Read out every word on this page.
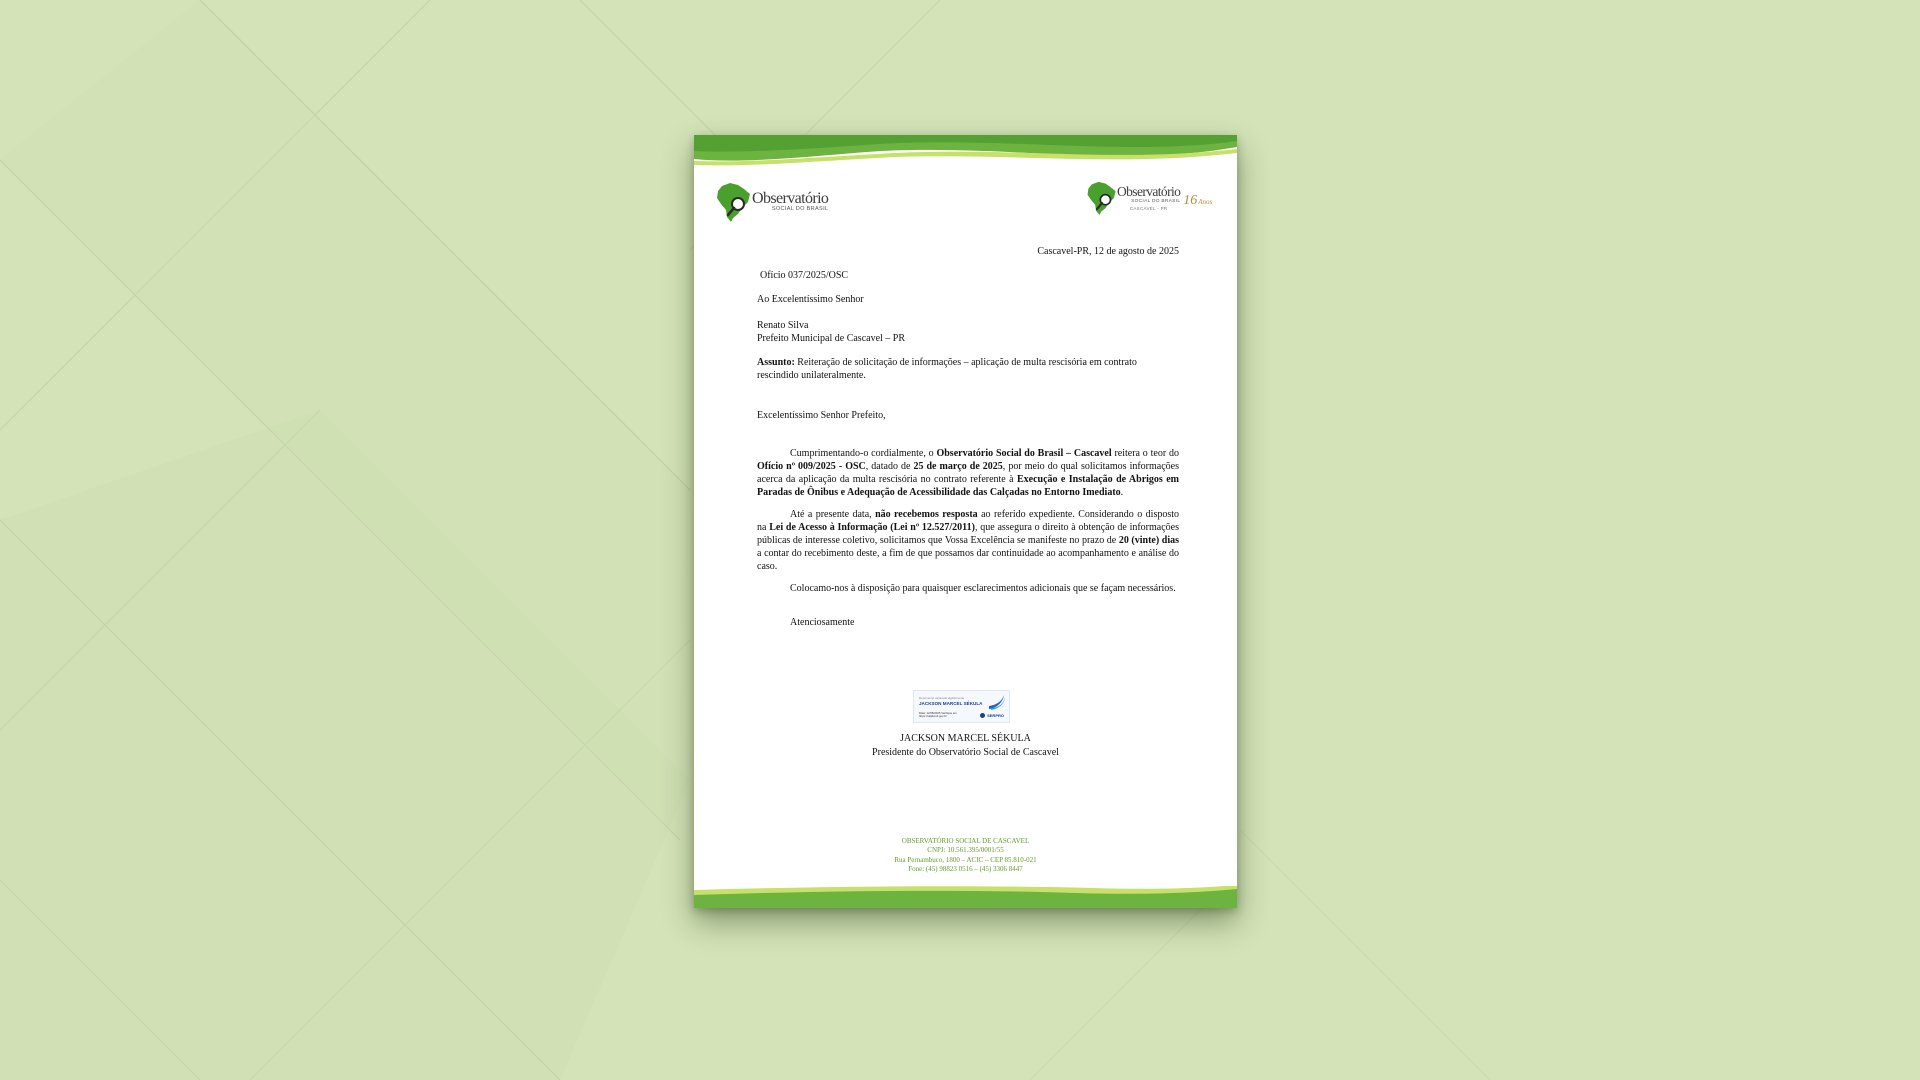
Observatório
SOCIAL DO BRASIL
Observatório
SOCIAL DO BRASIL
CASCAVEL - PR	16 Anos

Cascavel-PR, 12 de agosto de 2025

Ofício 037/2025/OSC

Ao Excelentíssimo Senhor

Renato Silva

Prefeito Municipal de Cascavel – PR

Assunto: Reiteração de solicitação de informações – aplicação de multa rescisória em contrato rescindido unilateralmente.

Excelentíssimo Senhor Prefeito,

Cumprimentando-o cordialmente, o Observatório Social do Brasil – Cascavel reitera o teor do Ofício nº 009/2025 - OSC, datado de 25 de março de 2025, por meio do qual solicitamos informações acerca da aplicação da multa rescisória no contrato referente à Execução e Instalação de Abrigos em Paradas de Ônibus e Adequação de Acessibilidade das Calçadas no Entorno Imediato.

Até a presente data, não recebemos resposta ao referido expediente. Considerando o disposto na Lei de Acesso à Informação (Lei nº 12.527/2011), que assegura o direito à obtenção de informações públicas de interesse coletivo, solicitamos que Vossa Excelência se manifeste no prazo de 20 (vinte) dias a contar do recebimento deste, a fim de que possamos dar continuidade ao acompanhamento e análise do caso.

Colocamo-nos à disposição para quaisquer esclarecimentos adicionais que se façam necessários.

Atenciosamente

Documento assinado digitalmente
JACKSON MARCEL SÉKULA
Data: 12/08/2025 Verifique em https://validar.iti.gov.br	SERPRO
JACKSON MARCEL SÉKULA
Presidente do Observatório Social de Cascavel
OBSERVATÓRIO SOCIAL DE CASCAVEL
CNPJ: 10.561.395/0001/55
Rua Pernambuco, 1800 – ACIC – CEP 85.810-021
Fone: (45) 98823 0516 – (45) 3306 8447
